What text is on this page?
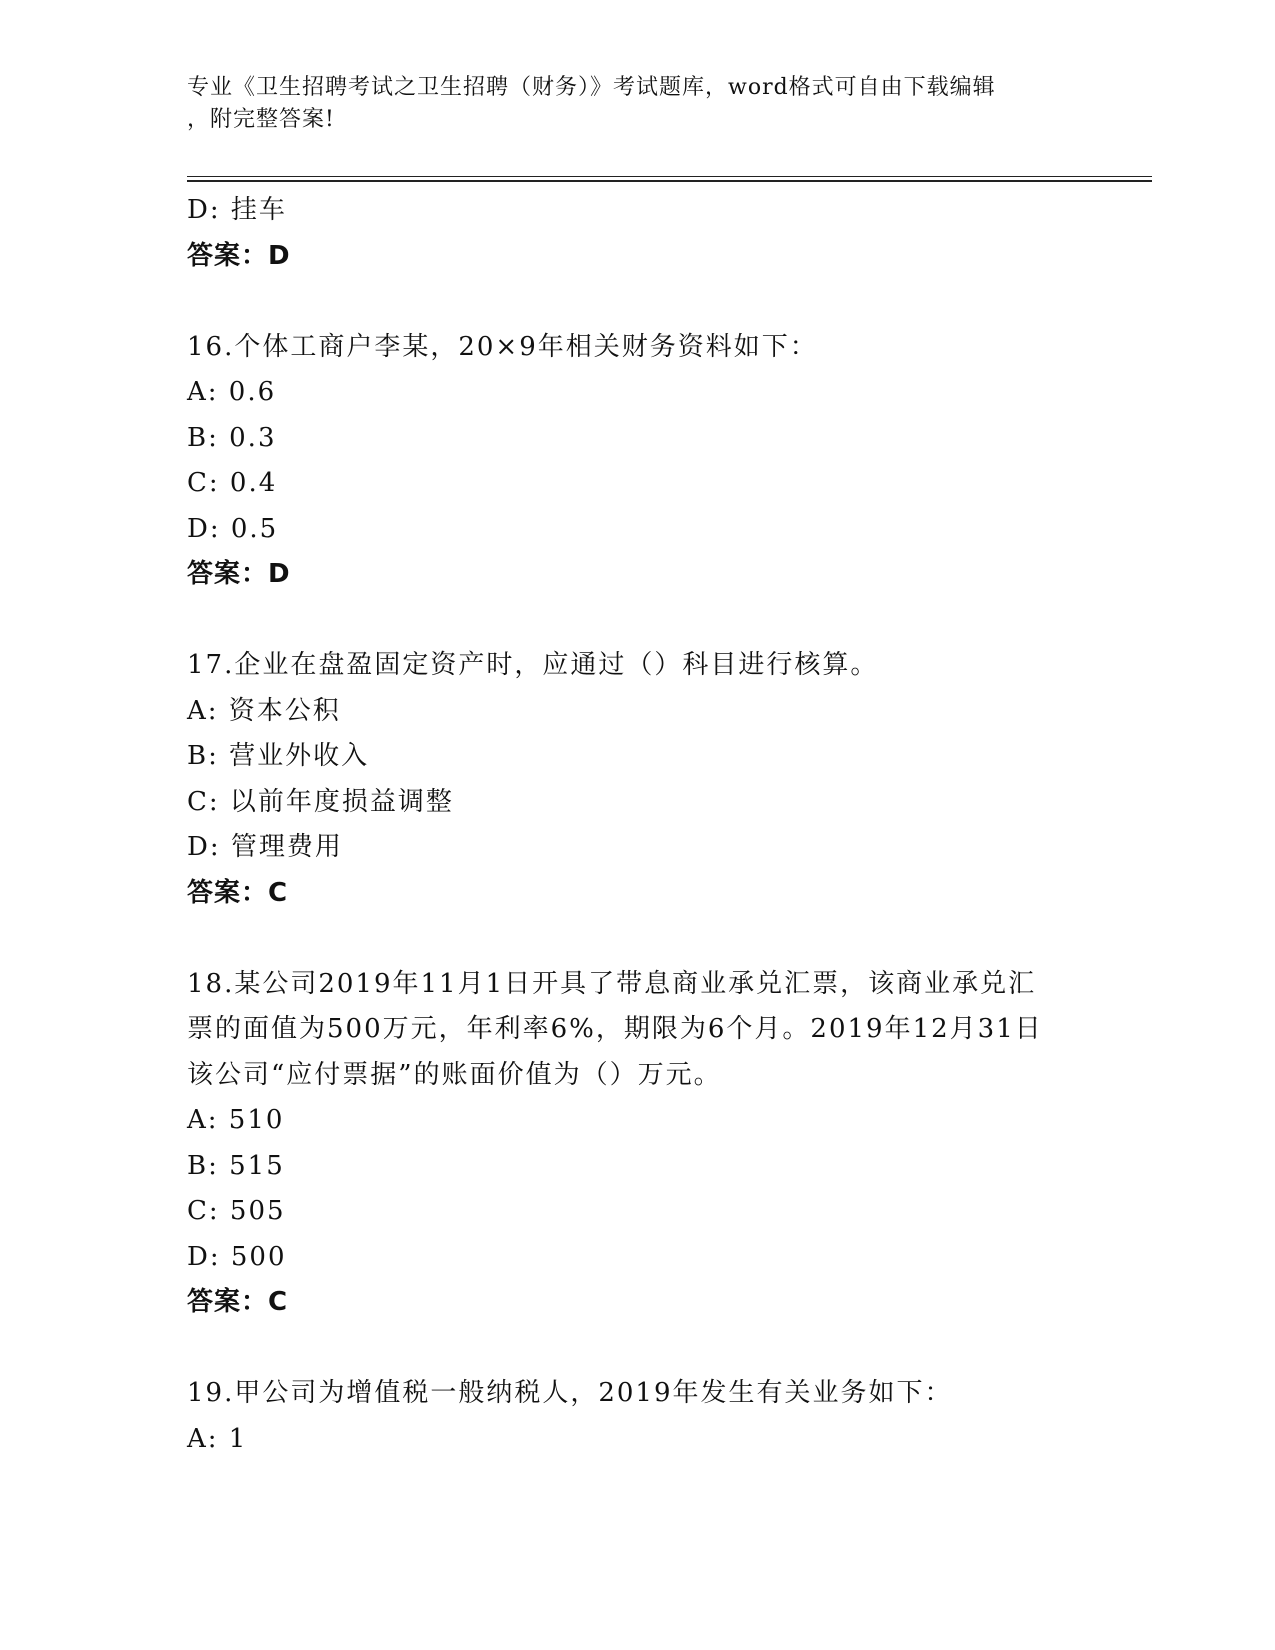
专业《卫生招聘考试之卫生招聘（财务）》考试题库，word格式可自由下载编辑
，附完整答案!
D: 挂车
答案：D
16.个体工商户李某，20×9年相关财务资料如下：
A: 0.6
B: 0.3
C: 0.4
D: 0.5
答案：D
17.企业在盘盈固定资产时，应通过（）科目进行核算。
A: 资本公积
B: 营业外收入
C: 以前年度损益调整
D: 管理费用
答案：C
18.某公司2019年11月1日开具了带息商业承兑汇票，该商业承兑汇
票的面值为500万元，年利率6%，期限为6个月。2019年12月31日
该公司“应付票据”的账面价值为（）万元。
A: 510
B: 515
C: 505
D: 500
答案：C
19.甲公司为增值税一般纳税人，2019年发生有关业务如下：
A: 1
